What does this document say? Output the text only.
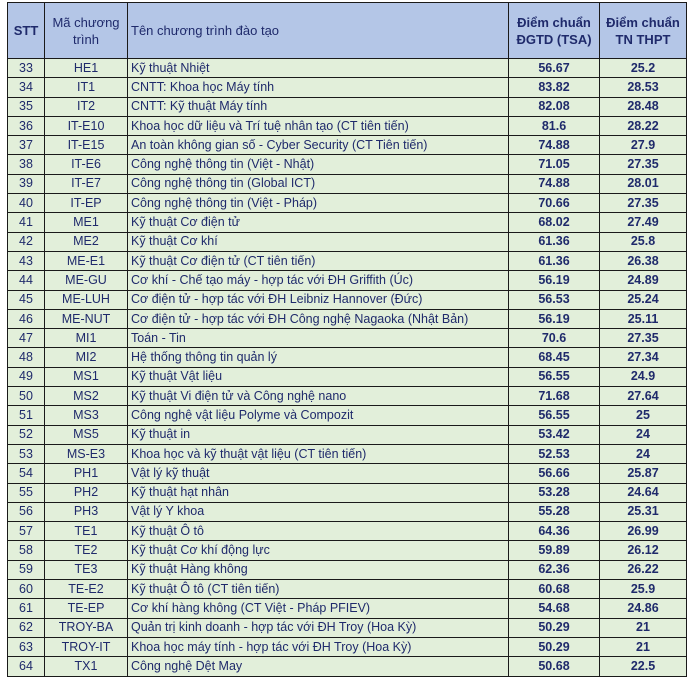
STT	Mã chương trình	Tên chương trình đào tạo	Điểm chuẩn ĐGTD (TSA)	Điểm chuẩn TN THPT
33	HE1	Kỹ thuật Nhiệt	56.67	25.2
34	IT1	CNTT: Khoa học Máy tính	83.82	28.53
35	IT2	CNTT: Kỹ thuật Máy tính	82.08	28.48
36	IT-E10	Khoa học dữ liệu và Trí tuệ nhân tạo (CT tiên tiến)	81.6	28.22
37	IT-E15	An toàn không gian số - Cyber Security (CT Tiên tiến)	74.88	27.9
38	IT-E6	Công nghệ thông tin (Việt - Nhật)	71.05	27.35
39	IT-E7	Công nghệ thông tin (Global ICT)	74.88	28.01
40	IT-EP	Công nghệ thông tin (Việt - Pháp)	70.66	27.35
41	ME1	Kỹ thuật Cơ điện tử	68.02	27.49
42	ME2	Kỹ thuật Cơ khí	61.36	25.8
43	ME-E1	Kỹ thuật Cơ điện tử (CT tiên tiến)	61.36	26.38
44	ME-GU	Cơ khí - Chế tạo máy - hợp tác với ĐH Griffith (Úc)	56.19	24.89
45	ME-LUH	Cơ điện tử - hợp tác với ĐH Leibniz Hannover (Đức)	56.53	25.24
46	ME-NUT	Cơ điện tử - hợp tác với ĐH Công nghệ Nagaoka (Nhật Bản)	56.19	25.11
47	MI1	Toán - Tin	70.6	27.35
48	MI2	Hệ thống thông tin quản lý	68.45	27.34
49	MS1	Kỹ thuật Vật liệu	56.55	24.9
50	MS2	Kỹ thuật Vi điện tử và Công nghệ nano	71.68	27.64
51	MS3	Công nghệ vật liệu Polyme và Compozit	56.55	25
52	MS5	Kỹ thuật in	53.42	24
53	MS-E3	Khoa học và kỹ thuật vật liệu (CT tiên tiến)	52.53	24
54	PH1	Vật lý kỹ thuật	56.66	25.87
55	PH2	Kỹ thuật hạt nhân	53.28	24.64
56	PH3	Vật lý Y khoa	55.28	25.31
57	TE1	Kỹ thuật Ô tô	64.36	26.99
58	TE2	Kỹ thuật Cơ khí động lực	59.89	26.12
59	TE3	Kỹ thuật Hàng không	62.36	26.22
60	TE-E2	Kỹ thuật Ô tô (CT tiên tiến)	60.68	25.9
61	TE-EP	Cơ khí hàng không (CT Việt - Pháp PFIEV)	54.68	24.86
62	TROY-BA	Quản trị kinh doanh - hợp tác với ĐH Troy (Hoa Kỳ)	50.29	21
63	TROY-IT	Khoa học máy tính - hợp tác với ĐH Troy (Hoa Kỳ)	50.29	21
64	TX1	Công nghệ Dệt May	50.68	22.5
